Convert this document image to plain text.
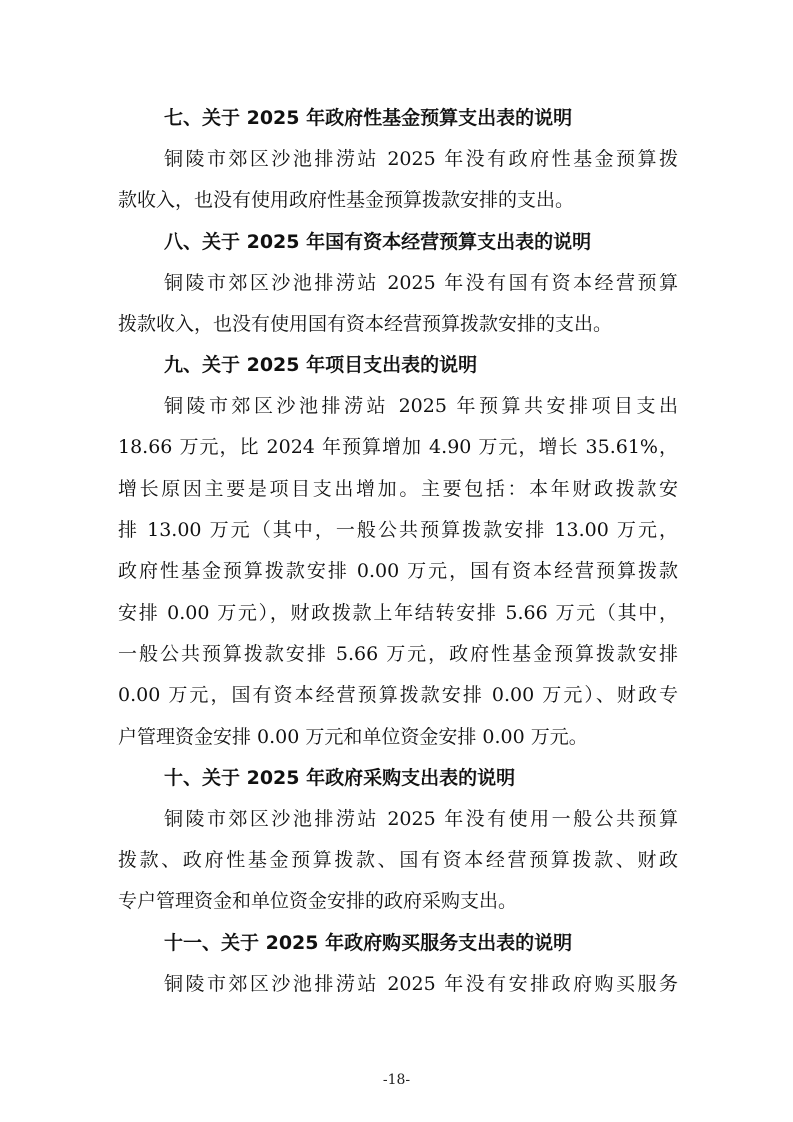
七、关于 2025 年政府性基金预算支出表的说明

铜陵市郊区沙池排涝站 2025 年没有政府性基金预算拨

款收入，也没有使用政府性基金预算拨款安排的支出。

八、关于 2025 年国有资本经营预算支出表的说明

铜陵市郊区沙池排涝站 2025 年没有国有资本经营预算

拨款收入，也没有使用国有资本经营预算拨款安排的支出。

九、关于 2025 年项目支出表的说明

铜陵市郊区沙池排涝站 2025 年预算共安排项目支出

18.66 万元，比 2024 年预算增加 4.90 万元，增长 35.61%，

增长原因主要是项目支出增加。主要包括：本年财政拨款安

排 13.00 万元（其中，一般公共预算拨款安排 13.00 万元，

政府性基金预算拨款安排 0.00 万元，国有资本经营预算拨款

安排 0.00 万元），财政拨款上年结转安排 5.66 万元（其中，

一般公共预算拨款安排 5.66 万元，政府性基金预算拨款安排

0.00 万元，国有资本经营预算拨款安排 0.00 万元）、财政专

户管理资金安排 0.00 万元和单位资金安排 0.00 万元。

十、关于 2025 年政府采购支出表的说明

铜陵市郊区沙池排涝站 2025 年没有使用一般公共预算

拨款、政府性基金预算拨款、国有资本经营预算拨款、财政

专户管理资金和单位资金安排的政府采购支出。

十一、关于 2025 年政府购买服务支出表的说明

铜陵市郊区沙池排涝站 2025 年没有安排政府购买服务

-18-
